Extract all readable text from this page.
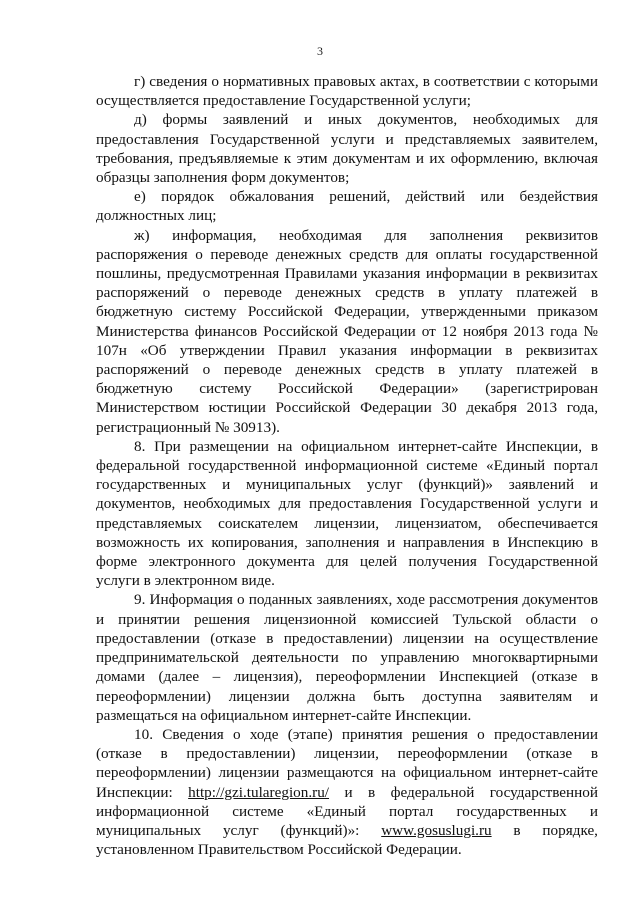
3

г) сведения о нормативных правовых актах, в соответствии с которыми осуществляется предоставление Государственной услуги;

д) формы заявлений и иных документов, необходимых для предоставления Государственной услуги и представляемых заявителем, требования, предъявляемые к этим документам и их оформлению, включая образцы заполнения форм документов;

е) порядок обжалования решений, действий или бездействия должностных лиц;

ж) информация, необходимая для заполнения реквизитов распоряжения о переводе денежных средств для оплаты государственной пошлины, предусмотренная Правилами указания информации в реквизитах распоряжений о переводе денежных средств в уплату платежей в бюджетную систему Российской Федерации, утвержденными приказом Министерства финансов Российской Федерации от 12 ноября 2013 года № 107н «Об утверждении Правил указания информации в реквизитах распоряжений о переводе денежных средств в уплату платежей в бюджетную систему Российской Федерации» (зарегистрирован Министерством юстиции Российской Федерации 30 декабря 2013 года, регистрационный № 30913).

8. При размещении на официальном интернет-сайте Инспекции, в федеральной государственной информационной системе «Единый портал государственных и муниципальных услуг (функций)» заявлений и документов, необходимых для предоставления Государственной услуги и представляемых соискателем лицензии, лицензиатом, обеспечивается возможность их копирования, заполнения и направления в Инспекцию в форме электронного документа для целей получения Государственной услуги в электронном виде.

9. Информация о поданных заявлениях, ходе рассмотрения документов и принятии решения лицензионной комиссией Тульской области о предоставлении (отказе в предоставлении) лицензии на осуществление предпринимательской деятельности по управлению многоквартирными домами (далее – лицензия), переоформлении Инспекцией (отказе в переоформлении) лицензии должна быть доступна заявителям и размещаться на официальном интернет-сайте Инспекции.

10. Сведения о ходе (этапе) принятия решения о предоставлении (отказе в предоставлении) лицензии, переоформлении (отказе в переоформлении) лицензии размещаются на официальном интернет-сайте Инспекции: http://gzi.tularegion.ru/ и в федеральной государственной информационной системе «Единый портал государственных и муниципальных услуг (функций)»: www.gosuslugi.ru в порядке, установленном Правительством Российской Федерации.
